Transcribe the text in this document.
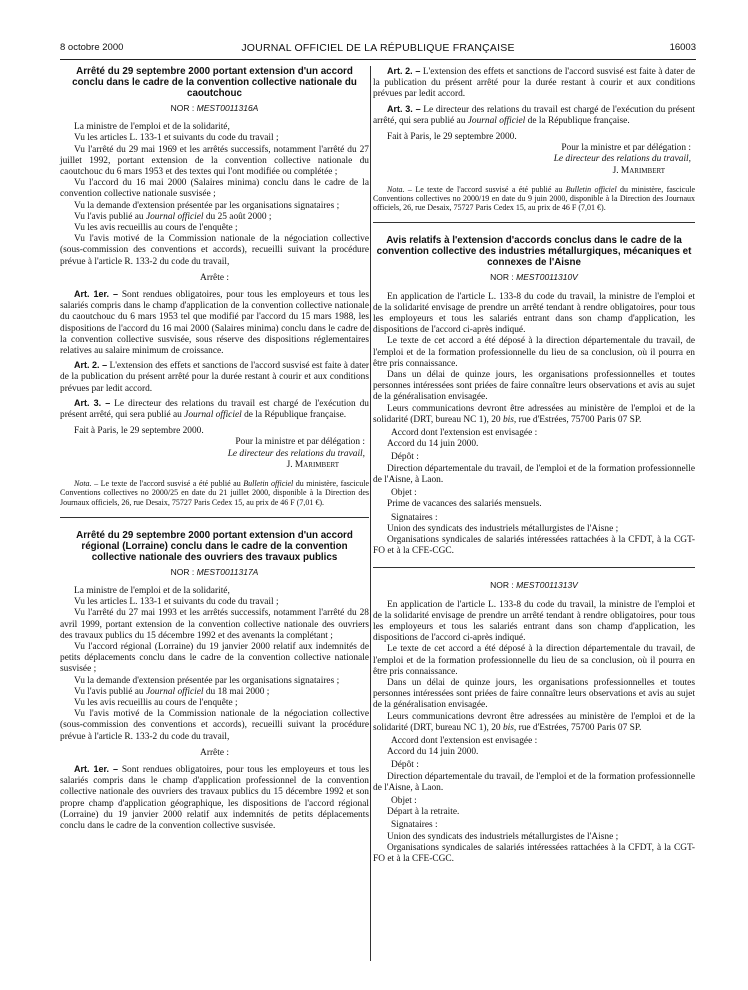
8 octobre 2000	JOURNAL OFFICIEL DE LA RÉPUBLIQUE FRANÇAISE	16003
Arrêté du 29 septembre 2000 portant extension d'un accord conclu dans le cadre de la convention collective nationale du caoutchouc
NOR : MEST0011316A

La ministre de l'emploi et de la solidarité,

Vu les articles L. 133-1 et suivants du code du travail ;

Vu l'arrêté du 29 mai 1969 et les arrêtés successifs, notamment l'arrêté du 27 juillet 1992, portant extension de la convention collective nationale du caoutchouc du 6 mars 1953 et des textes qui l'ont modifiée ou complétée ;

Vu l'accord du 16 mai 2000 (Salaires minima) conclu dans le cadre de la convention collective nationale susvisée ;

Vu la demande d'extension présentée par les organisations signataires ;

Vu l'avis publié au Journal officiel du 25 août 2000 ;

Vu les avis recueillis au cours de l'enquête ;

Vu l'avis motivé de la Commission nationale de la négociation collective (sous-commission des conventions et accords), recueilli suivant la procédure prévue à l'article R. 133-2 du code du travail,

Arrête :

Art. 1er. – Sont rendues obligatoires, pour tous les employeurs et tous les salariés compris dans le champ d'application de la convention collective nationale du caoutchouc du 6 mars 1953 tel que modifié par l'accord du 15 mars 1988, les dispositions de l'accord du 16 mai 2000 (Salaires minima) conclu dans le cadre de la convention collective susvisée, sous réserve des dispositions réglementaires relatives au salaire minimum de croissance.

Art. 2. – L'extension des effets et sanctions de l'accord susvisé est faite à dater de la publication du présent arrêté pour la durée restant à courir et aux conditions prévues par ledit accord.

Art. 3. – Le directeur des relations du travail est chargé de l'exécution du présent arrêté, qui sera publié au Journal officiel de la République française.

Fait à Paris, le 29 septembre 2000.

Pour la ministre et par délégation :

Le directeur des relations du travail,

J. Marimbert

Nota. – Le texte de l'accord susvisé a été publié au Bulletin officiel du ministère, fascicule Conventions collectives no 2000/25 en date du 21 juillet 2000, disponible à la Direction des Journaux officiels, 26, rue Desaix, 75727 Paris Cedex 15, au prix de 46 F (7,01 €).
Arrêté du 29 septembre 2000 portant extension d'un accord régional (Lorraine) conclu dans le cadre de la convention collective nationale des ouvriers des travaux publics
NOR : MEST0011317A

La ministre de l'emploi et de la solidarité,

Vu les articles L. 133-1 et suivants du code du travail ;

Vu l'arrêté du 27 mai 1993 et les arrêtés successifs, notamment l'arrêté du 28 avril 1999, portant extension de la convention collective nationale des ouvriers des travaux publics du 15 décembre 1992 et des avenants la complétant ;

Vu l'accord régional (Lorraine) du 19 janvier 2000 relatif aux indemnités de petits déplacements conclu dans le cadre de la convention collective nationale susvisée ;

Vu la demande d'extension présentée par les organisations signataires ;

Vu l'avis publié au Journal officiel du 18 mai 2000 ;

Vu les avis recueillis au cours de l'enquête ;

Vu l'avis motivé de la Commission nationale de la négociation collective (sous-commission des conventions et accords), recueilli suivant la procédure prévue à l'article R. 133-2 du code du travail,

Arrête :

Art. 1er. – Sont rendues obligatoires, pour tous les employeurs et tous les salariés compris dans le champ d'application professionnel de la convention collective nationale des ouvriers des travaux publics du 15 décembre 1992 et son propre champ d'application géographique, les dispositions de l'accord régional (Lorraine) du 19 janvier 2000 relatif aux indemnités de petits déplacements conclu dans le cadre de la convention collective susvisée.

Art. 2. – L'extension des effets et sanctions de l'accord susvisé est faite à dater de la publication du présent arrêté pour la durée restant à courir et aux conditions prévues par ledit accord.

Art. 3. – Le directeur des relations du travail est chargé de l'exécution du présent arrêté, qui sera publié au Journal officiel de la République française.

Fait à Paris, le 29 septembre 2000.

Pour la ministre et par délégation :

Le directeur des relations du travail,

J. Marimbert

Nota. – Le texte de l'accord susvisé a été publié au Bulletin officiel du ministère, fascicule Conventions collectives no 2000/19 en date du 9 juin 2000, disponible à la Direction des Journaux officiels, 26, rue Desaix, 75727 Paris Cedex 15, au prix de 46 F (7,01 €).
Avis relatifs à l'extension d'accords conclus dans le cadre de la convention collective des industries métallurgiques, mécaniques et connexes de l'Aisne
NOR : MEST0011310V

En application de l'article L. 133-8 du code du travail, la ministre de l'emploi et de la solidarité envisage de prendre un arrêté tendant à rendre obligatoires, pour tous les employeurs et tous les salariés entrant dans son champ d'application, les dispositions de l'accord ci-après indiqué.

Le texte de cet accord a été déposé à la direction départementale du travail, de l'emploi et de la formation professionnelle du lieu de sa conclusion, où il pourra en être pris connaissance.

Dans un délai de quinze jours, les organisations professionnelles et toutes personnes intéressées sont priées de faire connaître leurs observations et avis au sujet de la généralisation envisagée.

Leurs communications devront être adressées au ministère de l'emploi et de la solidarité (DRT, bureau NC 1), 20 bis, rue d'Estrées, 75700 Paris 07 SP.

Accord dont l'extension est envisagée :

Accord du 14 juin 2000.

Dépôt :

Direction départementale du travail, de l'emploi et de la formation professionnelle de l'Aisne, à Laon.

Objet :

Prime de vacances des salariés mensuels.

Signataires :

Union des syndicats des industriels métallurgistes de l'Aisne ;

Organisations syndicales de salariés intéressées rattachées à la CFDT, à la CGT-FO et à la CFE-CGC.

NOR : MEST0011313V

En application de l'article L. 133-8 du code du travail, la ministre de l'emploi et de la solidarité envisage de prendre un arrêté tendant à rendre obligatoires, pour tous les employeurs et tous les salariés entrant dans son champ d'application, les dispositions de l'accord ci-après indiqué.

Le texte de cet accord a été déposé à la direction départementale du travail, de l'emploi et de la formation professionnelle du lieu de sa conclusion, où il pourra en être pris connaissance.

Dans un délai de quinze jours, les organisations professionnelles et toutes personnes intéressées sont priées de faire connaître leurs observations et avis au sujet de la généralisation envisagée.

Leurs communications devront être adressées au ministère de l'emploi et de la solidarité (DRT, bureau NC 1), 20 bis, rue d'Estrées, 75700 Paris 07 SP.

Accord dont l'extension est envisagée :

Accord du 14 juin 2000.

Dépôt :

Direction départementale du travail, de l'emploi et de la formation professionnelle de l'Aisne, à Laon.

Objet :

Départ à la retraite.

Signataires :

Union des syndicats des industriels métallurgistes de l'Aisne ;

Organisations syndicales de salariés intéressées rattachées à la CFDT, à la CGT-FO et à la CFE-CGC.
